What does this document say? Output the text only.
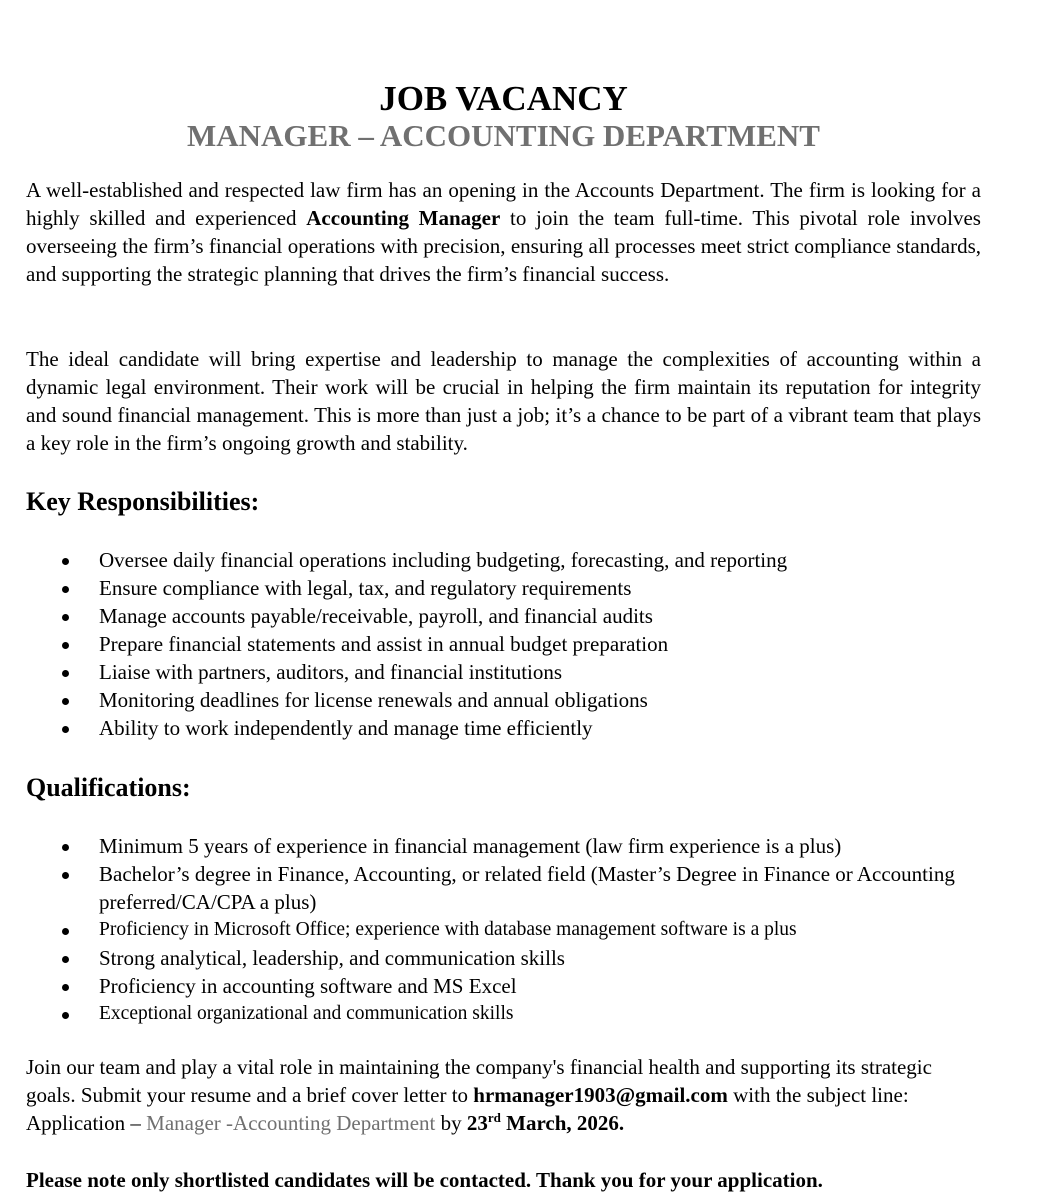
JOB VACANCY
MANAGER – ACCOUNTING DEPARTMENT

A well-established and respected law firm has an opening in the Accounts Department. The firm is looking for a highly skilled and experienced Accounting Manager to join the team full-time. This pivotal role involves overseeing the firm’s financial operations with precision, ensuring all processes meet strict compliance standards, and supporting the strategic planning that drives the firm’s financial success.

The ideal candidate will bring expertise and leadership to manage the complexities of accounting within a dynamic legal environment. Their work will be crucial in helping the firm maintain its reputation for integrity and sound financial management. This is more than just a job; it’s a chance to be part of a vibrant team that plays a key role in the firm’s ongoing growth and stability.

Key Responsibilities:
Oversee daily financial operations including budgeting, forecasting, and reporting
Ensure compliance with legal, tax, and regulatory requirements
Manage accounts payable/receivable, payroll, and financial audits
Prepare financial statements and assist in annual budget preparation
Liaise with partners, auditors, and financial institutions
Monitoring deadlines for license renewals and annual obligations
Ability to work independently and manage time efficiently
Qualifications:
Minimum 5 years of experience in financial management (law firm experience is a plus)
Bachelor’s degree in Finance, Accounting, or related field (Master’s Degree in Finance or Accounting preferred/CA/CPA a plus)
Proficiency in Microsoft Office; experience with database management software is a plus
Strong analytical, leadership, and communication skills
Proficiency in accounting software and MS Excel
Exceptional organizational and communication skills

Join our team and play a vital role in maintaining the company's financial health and supporting its strategic goals. Submit your resume and a brief cover letter to hrmanager1903@gmail.com with the subject line: Application – Manager -Accounting Department by 23rd March, 2026.

Please note only shortlisted candidates will be contacted. Thank you for your application.
